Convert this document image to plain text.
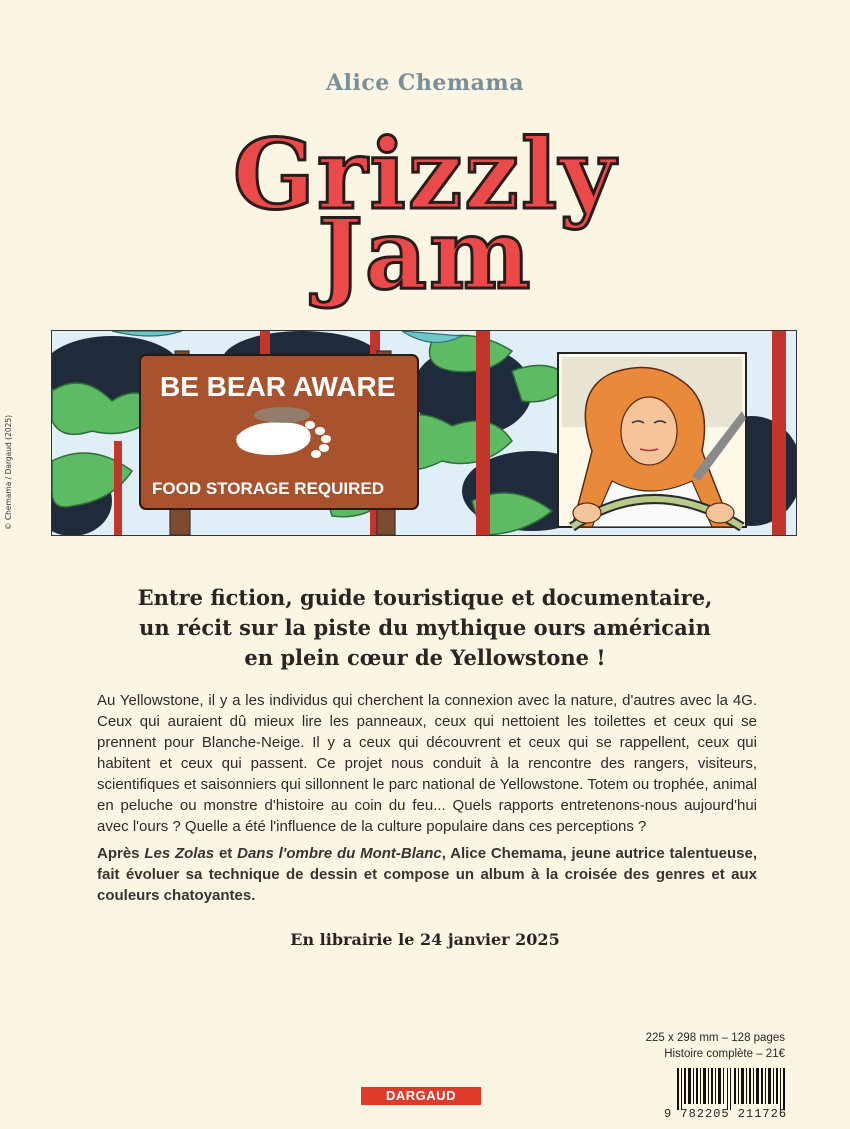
Alice Chemama
Grizzly
Jam
© Chemama / Dargaud (2025)
BE BEAR AWARE
FOOD STORAGE REQUIRED
Entre fiction, guide touristique et documentaire,
un récit sur la piste du mythique ours américain
en plein cœur de Yellowstone !

Au Yellowstone, il y a les individus qui cherchent la connexion avec la nature, d'autres avec la 4G. Ceux qui auraient dû mieux lire les panneaux, ceux qui nettoient les toilettes et ceux qui se prennent pour Blanche-Neige. Il y a ceux qui découvrent et ceux qui se rappellent, ceux qui habitent et ceux qui passent. Ce projet nous conduit à la rencontre des rangers, visiteurs, scientifiques et saisonniers qui sillonnent le parc national de Yellowstone. Totem ou trophée, animal en peluche ou monstre d'histoire au coin du feu... Quels rapports entretenons-nous aujourd'hui avec l'ours ? Quelle a été l'influence de la culture populaire dans ces perceptions ?

Après Les Zolas et Dans l'ombre du Mont-Blanc, Alice Chemama, jeune autrice talentueuse, fait évoluer sa technique de dessin et compose un album à la croisée des genres et aux couleurs chatoyantes.

En librairie le 24 janvier 2025
225 x 298 mm – 128 pages
Histoire complète – 21€
DARGAUD
9 782205 211726
